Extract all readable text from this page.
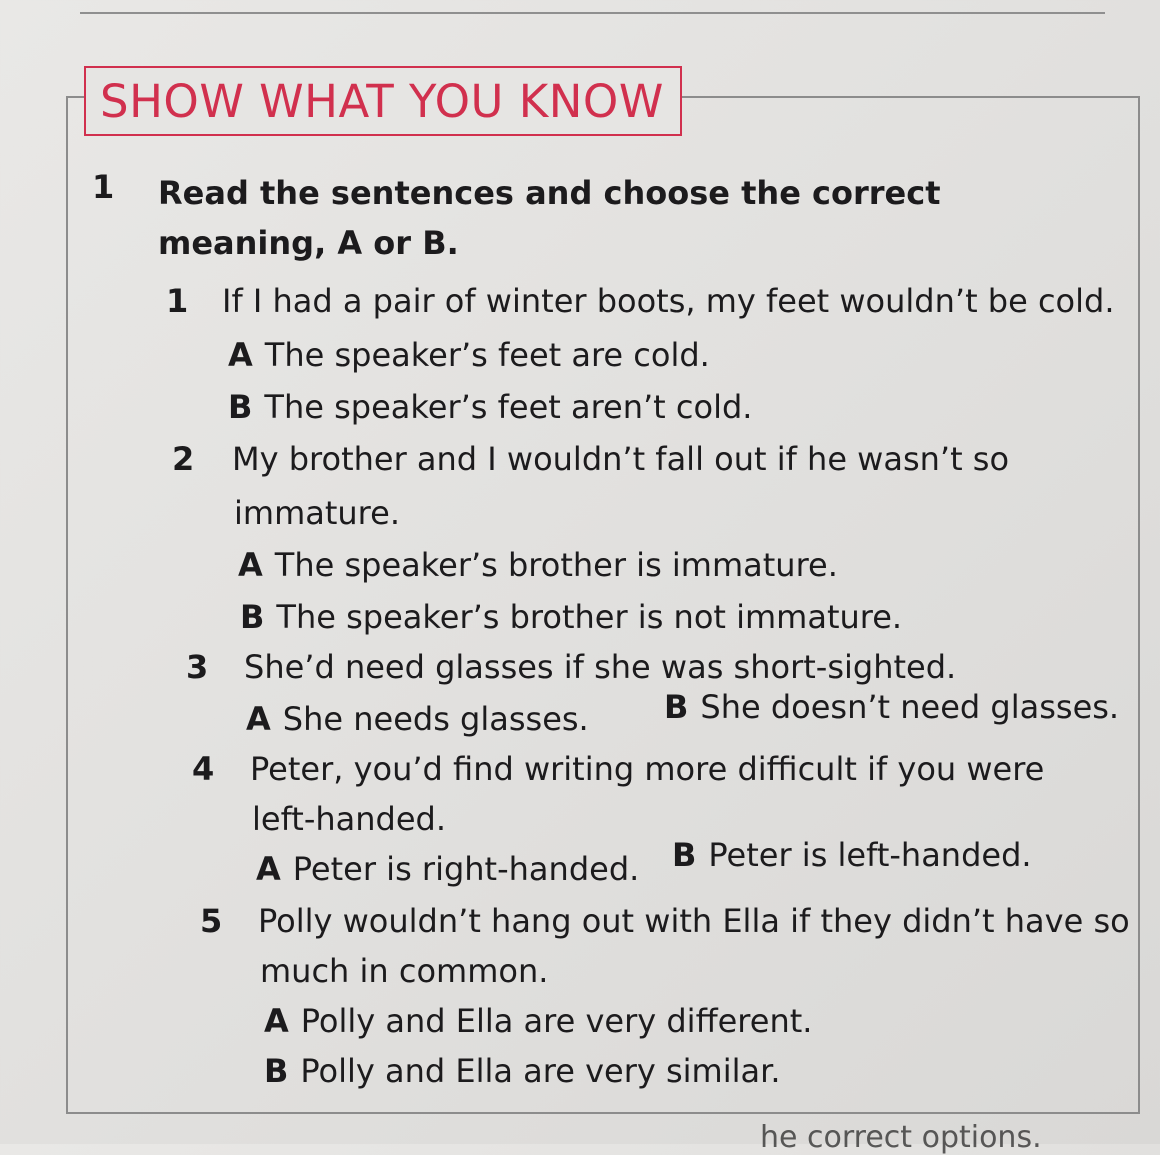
SHOW WHAT YOU KNOW
1 Read the sentences and choose the correct meaning, A or B.
1 If I had a pair of winter boots, my feet wouldn’t be cold.
A The speaker’s feet are cold.
B The speaker’s feet aren’t cold.
2 My brother and I wouldn’t fall out if he wasn’t so
immature.
A The speaker’s brother is immature.
B The speaker’s brother is not immature.
3 She’d need glasses if she was short-sighted.
A She needs glasses. B She doesn’t need glasses.
4 Peter, you’d find writing more difficult if you were
left-handed.
A Peter is right-handed. B Peter is left-handed.
5 Polly wouldn’t hang out with Ella if they didn’t have so
much in common.
A Polly and Ella are very different.
B Polly and Ella are very similar.
he correct options.
